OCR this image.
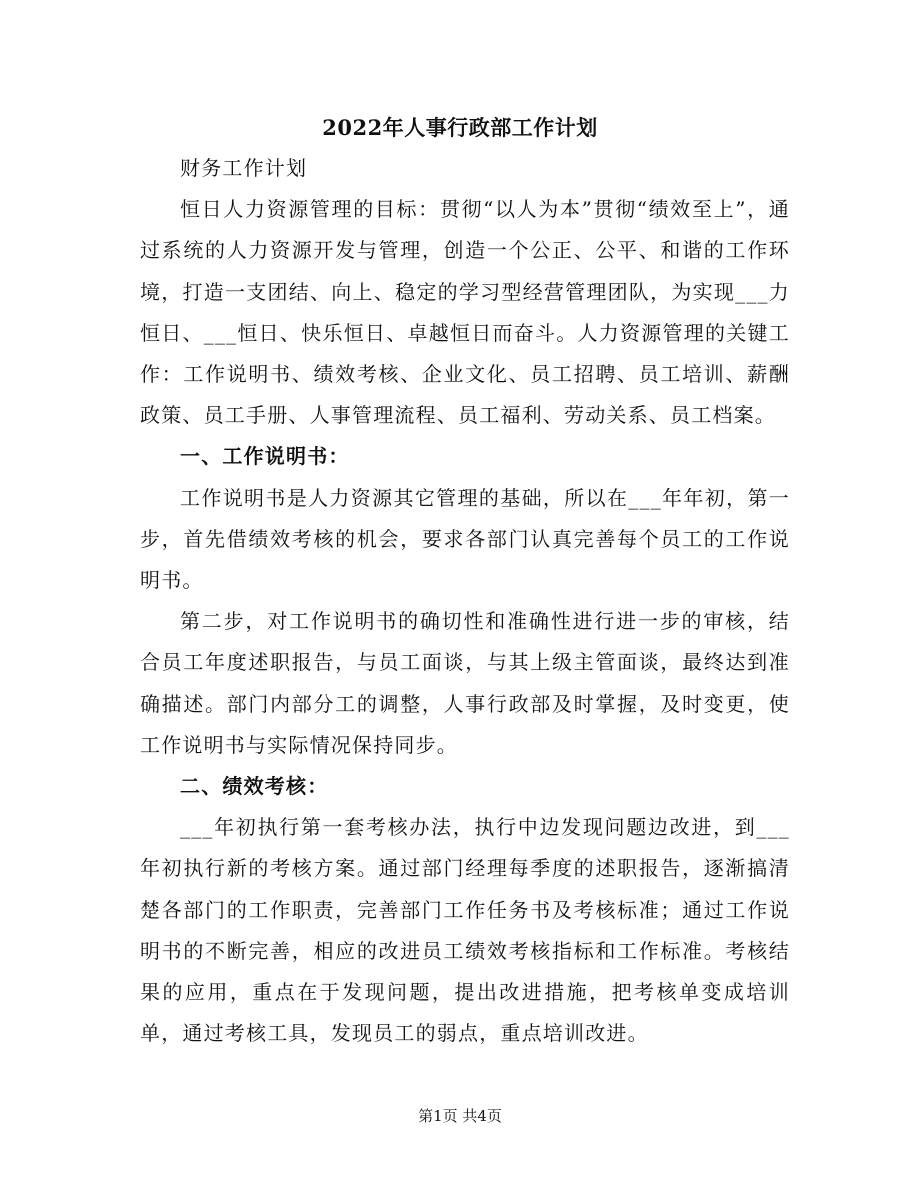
2022年人事行政部工作计划

财务工作计划

恒日人力资源管理的目标：贯彻“以人为本”贯彻“绩效至上”，通过系统的人力资源开发与管理，创造一个公正、公平、和谐的工作环境，打造一支团结、向上、稳定的学习型经营管理团队，为实现___力恒日、___恒日、快乐恒日、卓越恒日而奋斗。人力资源管理的关键工作：工作说明书、绩效考核、企业文化、员工招聘、员工培训、薪酬政策、员工手册、人事管理流程、员工福利、劳动关系、员工档案。

一、工作说明书：

工作说明书是人力资源其它管理的基础，所以在___年年初，第一步，首先借绩效考核的机会，要求各部门认真完善每个员工的工作说明书。

第二步，对工作说明书的确切性和准确性进行进一步的审核，结合员工年度述职报告，与员工面谈，与其上级主管面谈，最终达到准确描述。部门内部分工的调整，人事行政部及时掌握，及时变更，使工作说明书与实际情况保持同步。

二、绩效考核：

___年初执行第一套考核办法，执行中边发现问题边改进，到___年初执行新的考核方案。通过部门经理每季度的述职报告，逐渐搞清楚各部门的工作职责，完善部门工作任务书及考核标准；通过工作说明书的不断完善，相应的改进员工绩效考核指标和工作标准。考核结果的应用，重点在于发现问题，提出改进措施，把考核单变成培训单，通过考核工具，发现员工的弱点，重点培训改进。

第1页 共4页
